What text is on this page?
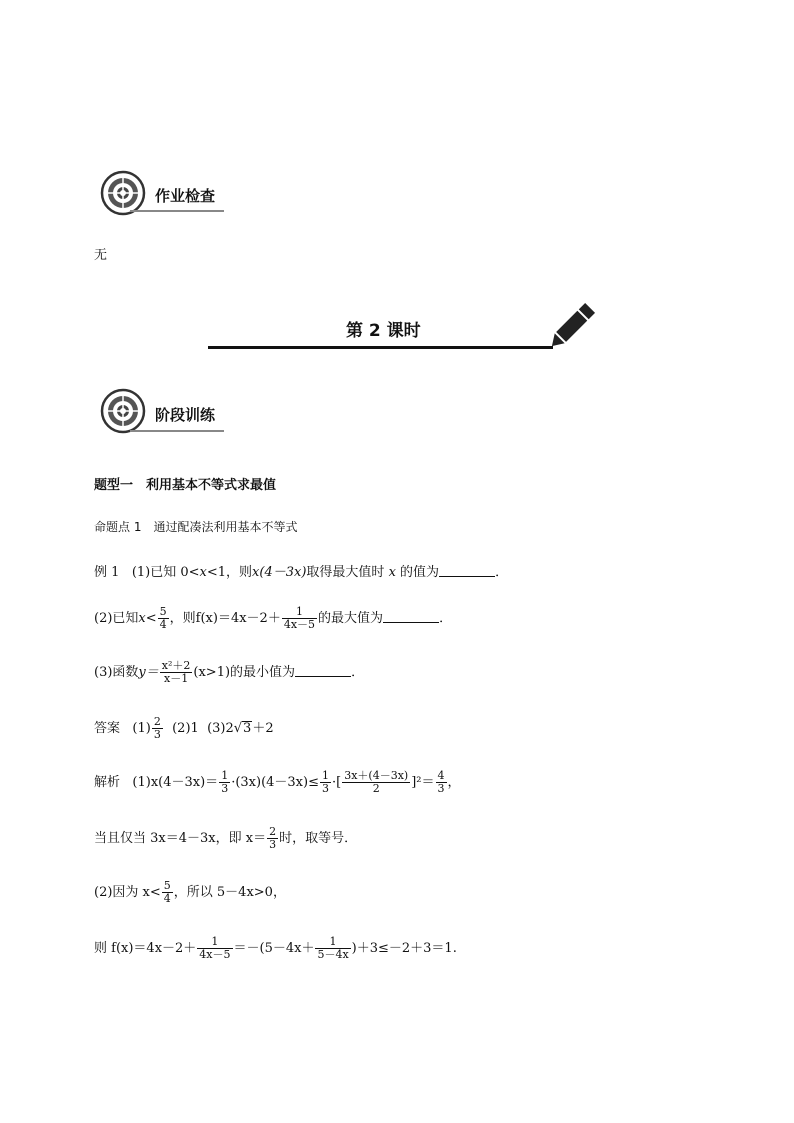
作业检查
无
第 2 课时
阶段训练
题型一　利用基本不等式求最值
命题点 1　通过配凑法利用基本不等式
例 1 (1)已知 0<x<1，则x(4－3x)取得最大值时 x 的值为	．
(2)已知$x< \frac{5}{4}$ ，则$f(x)=4x-2+ \frac{1}{4x-5}$ 的最大值为	．
(3)函数$y= \frac{\text{x²＋2}}{x-1} (x>1)$的最小值为	．
答案 $(1) \frac{2}{3} (2)1$ (3)2√3＋2
解析 $(1)x(4-3x)= \frac{1}{3} \cdot(3x)(4-3x)\le \frac{1}{3}$ ·[ $\frac{3x+(4-3x)}{2} ]^2= \frac{4}{3}$ ，
当且仅当 3x＝4－3x，即 $x= \frac{2}{3}$ 时，取等号．
(2)因为 $x< \frac{5}{4}$ ，所以 5－4x>0，
则 $f(x)=4x-2+ \frac{1}{4x-5} =-(5-4x+ \frac{1}{5-4x} )+3\le-2+3=1$.
